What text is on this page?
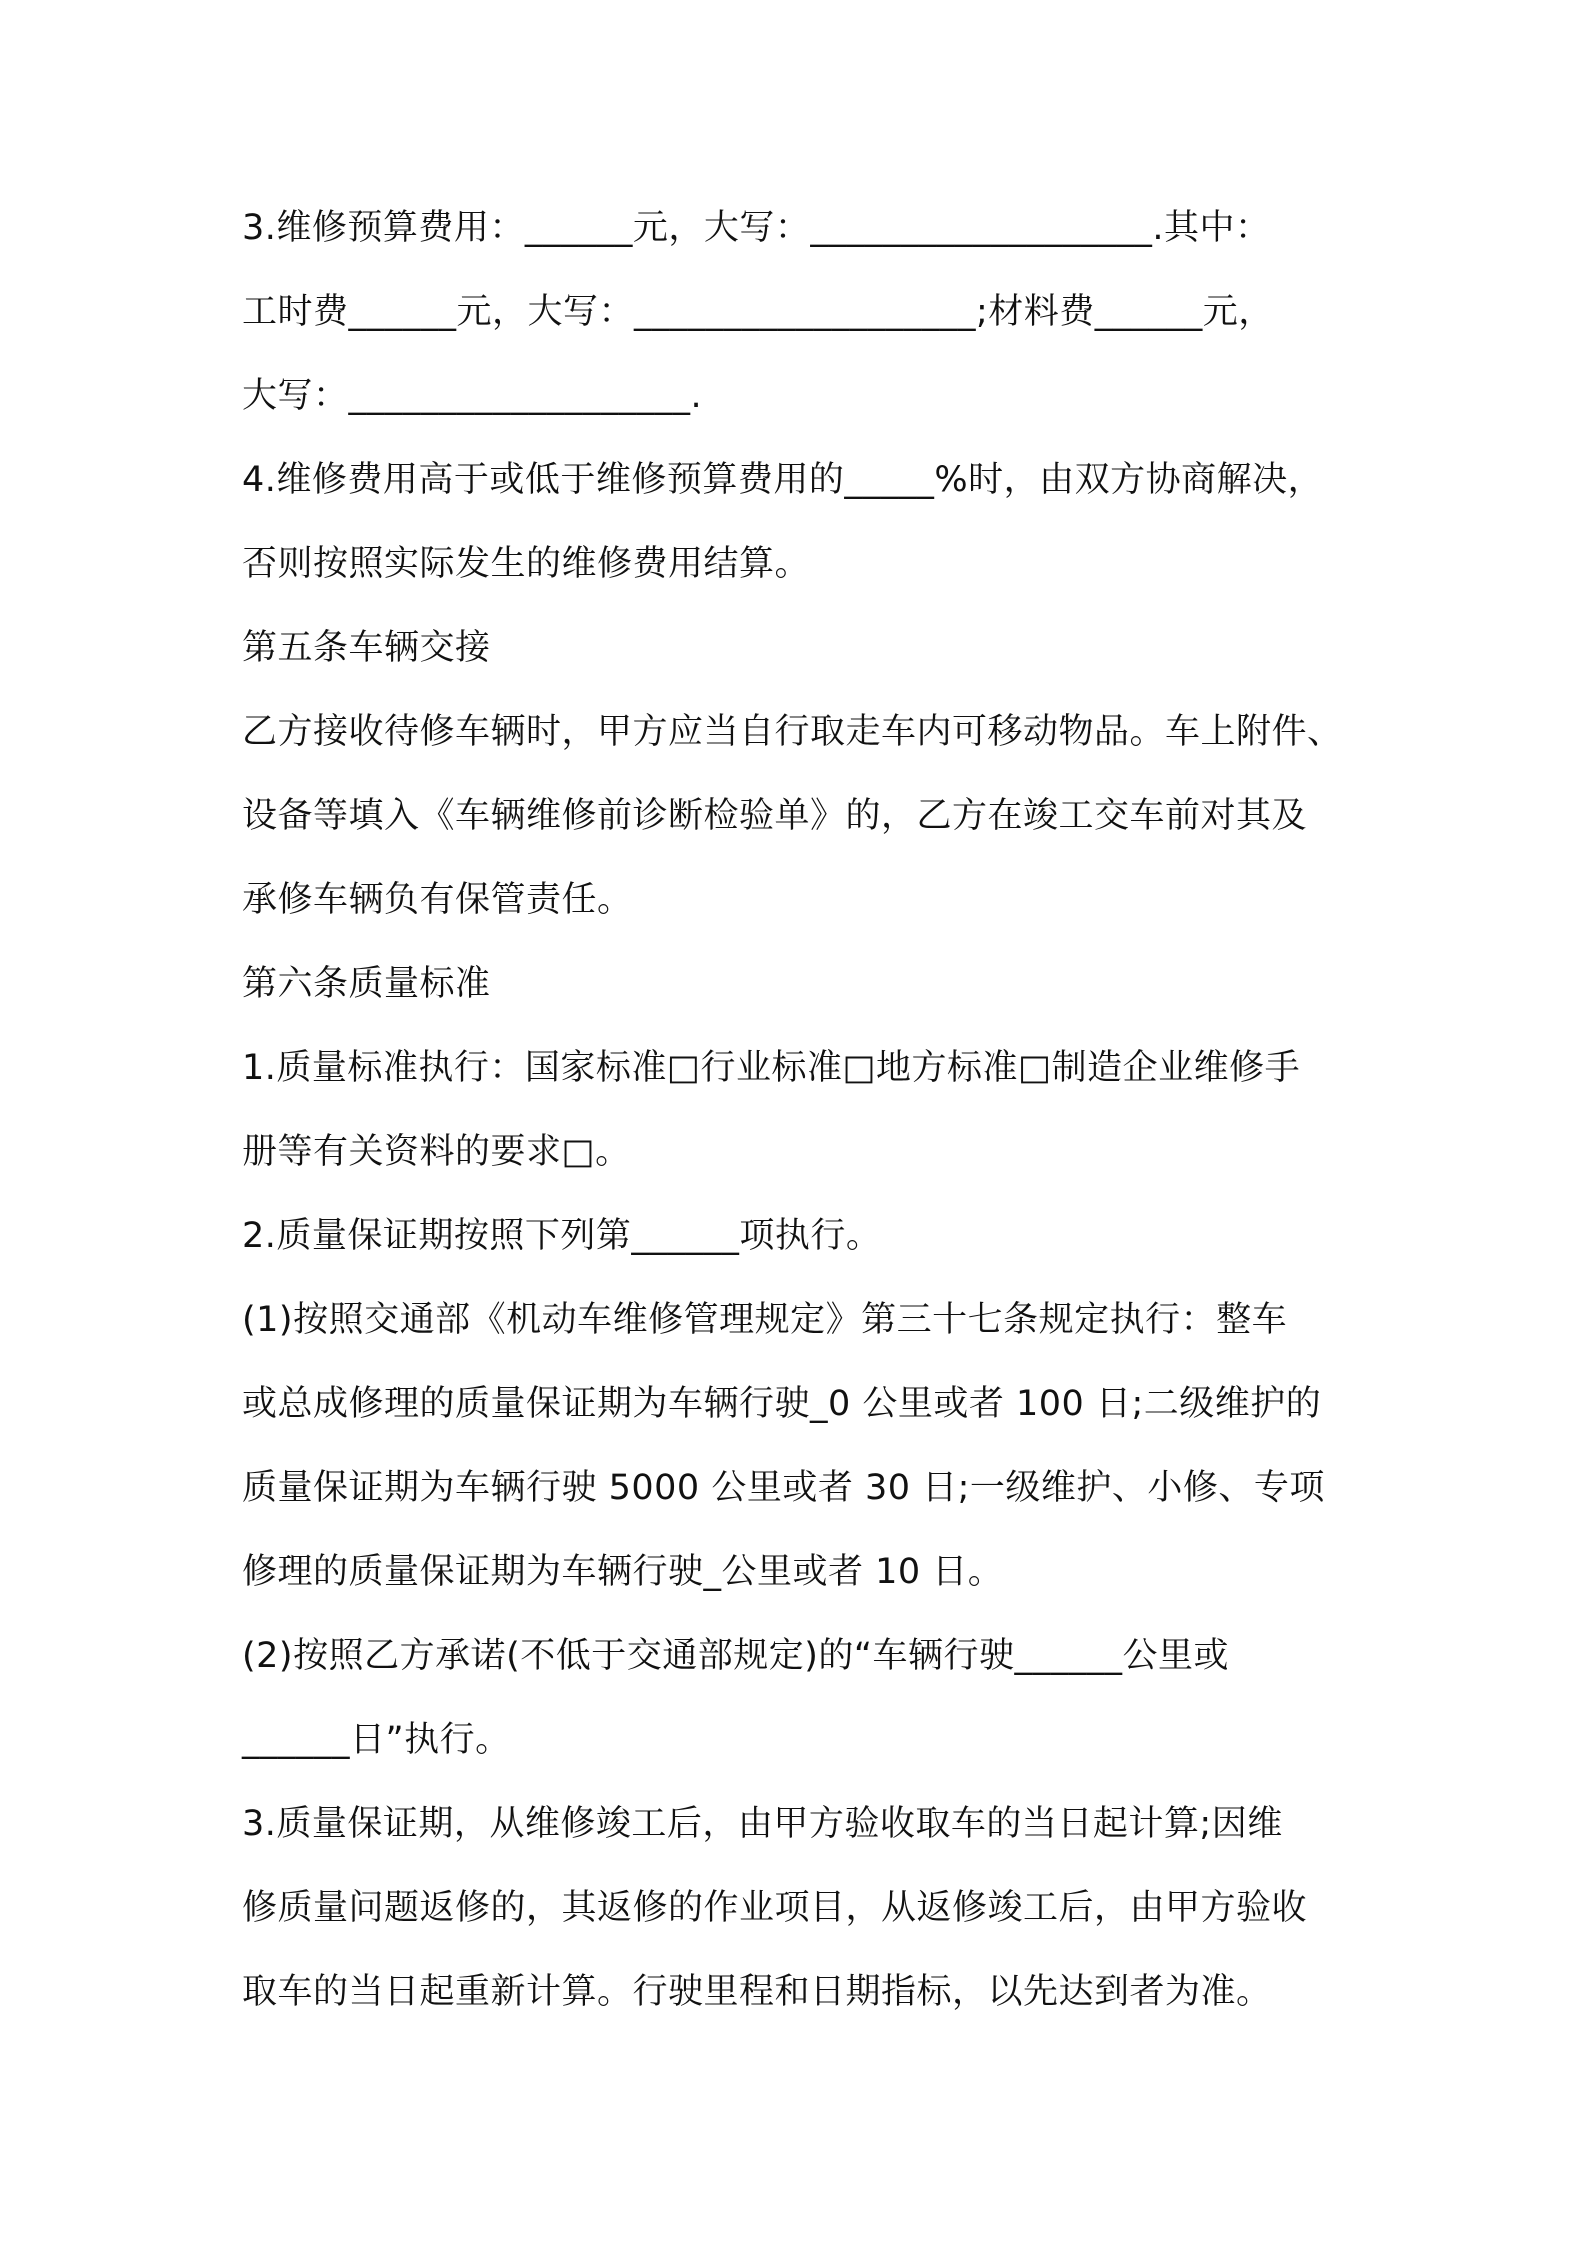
3.维修预算费用：______元，大写：___________________.其中：
工时费______元，大写：___________________;材料费______元，
大写：___________________.
4.维修费用高于或低于维修预算费用的_____%时，由双方协商解决，
否则按照实际发生的维修费用结算。
第五条车辆交接
乙方接收待修车辆时，甲方应当自行取走车内可移动物品。车上附件、
设备等填入《车辆维修前诊断检验单》的，乙方在竣工交车前对其及
承修车辆负有保管责任。
第六条质量标准
1.质量标准执行：国家标准□行业标准□地方标准□制造企业维修手
册等有关资料的要求□。
2.质量保证期按照下列第______项执行。
(1)按照交通部《机动车维修管理规定》第三十七条规定执行：整车
或总成修理的质量保证期为车辆行驶_0 公里或者 100 日;二级维护的
质量保证期为车辆行驶 5000 公里或者 30 日;一级维护、小修、专项
修理的质量保证期为车辆行驶_公里或者 10 日。
(2)按照乙方承诺(不低于交通部规定)的“车辆行驶______公里或
______日”执行。
3.质量保证期，从维修竣工后，由甲方验收取车的当日起计算;因维
修质量问题返修的，其返修的作业项目，从返修竣工后，由甲方验收
取车的当日起重新计算。行驶里程和日期指标，以先达到者为准。
